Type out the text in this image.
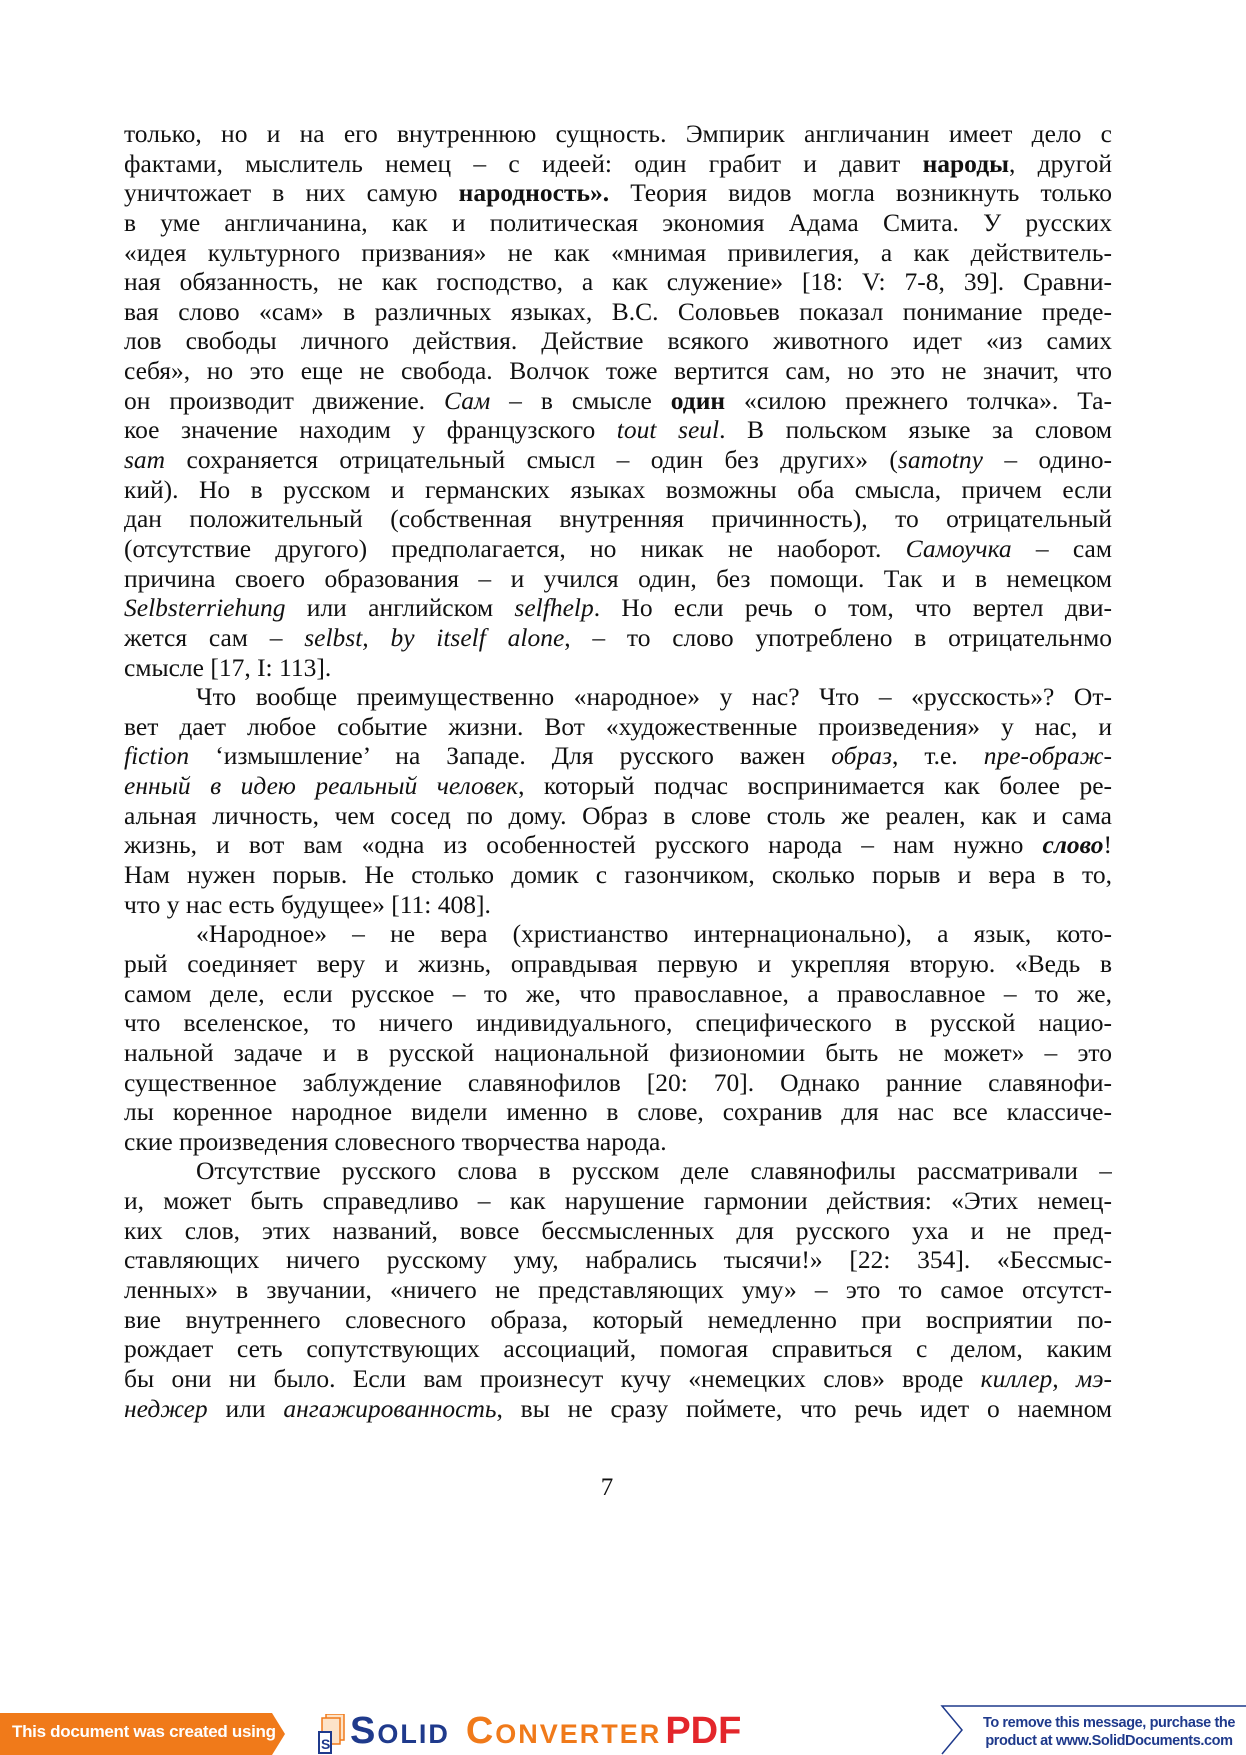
только, но и на его внутреннюю сущность. Эмпирик англичанин имеет дело с
фактами, мыслитель немец – с идеей: один грабит и давит народы, другой
уничтожает в них самую народность». Теория видов могла возникнуть только
в уме англичанина, как и политическая экономия Адама Смита. У русских
«идея культурного призвания» не как «мнимая привилегия, а как действитель-
ная обязанность, не как господство, а как служение» [18: V: 7-8, 39]. Сравни-
вая слово «сам» в различных языках, В.С. Соловьев показал понимание преде-
лов свободы личного действия. Действие всякого животного идет «из самих
себя», но это еще не свобода. Волчок тоже вертится сам, но это не значит, что
он производит движение. Сам – в смысле один «силою прежнего толчка». Та-
кое значение находим у французского tout seul. В польском языке за словом
sam сохраняется отрицательный смысл – один без других» (samotny – одино-
кий). Но в русском и германских языках возможны оба смысла, причем если
дан положительный (собственная внутренняя причинность), то отрицательный
(отсутствие другого) предполагается, но никак не наоборот. Самоучка – сам
причина своего образования – и учился один, без помощи. Так и в немецком
Selbsterriehung или английском selfhelp. Но если речь о том, что вертел дви-
жется сам – selbst, by itself alone, – то слово употреблено в отрицательнмо
смысле [17, I: 113].
Что вообще преимущественно «народное» у нас? Что – «русскость»? От-
вет дает любое событие жизни. Вот «художественные произведения» у нас, и
fiction ‘измышление’ на Западе. Для русского важен образ, т.е. пре-ображ-
енный в идею реальный человек, который подчас воспринимается как более ре-
альная личность, чем сосед по дому. Образ в слове столь же реален, как и сама
жизнь, и вот вам «одна из особенностей русского народа – нам нужно слово!
Нам нужен порыв. Не столько домик с газончиком, сколько порыв и вера в то,
что у нас есть будущее» [11: 408].
«Народное» – не вера (христианство интернационально), а язык, кото-
рый соединяет веру и жизнь, оправдывая первую и укрепляя вторую. «Ведь в
самом деле, если русское – то же, что православное, а православное – то же,
что вселенское, то ничего индивидуального, специфического в русской нацио-
нальной задаче и в русской национальной физиономии быть не может» – это
существенное заблуждение славянофилов [20: 70]. Однако ранние славянофи-
лы коренное народное видели именно в слове, сохранив для нас все классиче-
ские произведения словесного творчества народа.
Отсутствие русского слова в русском деле славянофилы рассматривали –
и, может быть справедливо – как нарушение гармонии действия: «Этих немец-
ких слов, этих названий, вовсе бессмысленных для русского уха и не пред-
ставляющих ничего русскому уму, набрались тысячи!» [22: 354]. «Бессмыс-
ленных» в звучании, «ничего не представляющих уму» – это то самое отсутст-
вие внутреннего словесного образа, который немедленно при восприятии по-
рождает сеть сопутствующих ассоциаций, помогая справиться с делом, каким
бы они ни было. Если вам произнесут кучу «немецких слов» вроде киллер, мэ-
неджер или ангажированность, вы не сразу поймете, что речь идет о наемном
7
This document was created using
S Solid Converter PDF	To remove this message, purchase the
product at www.SolidDocuments.com
